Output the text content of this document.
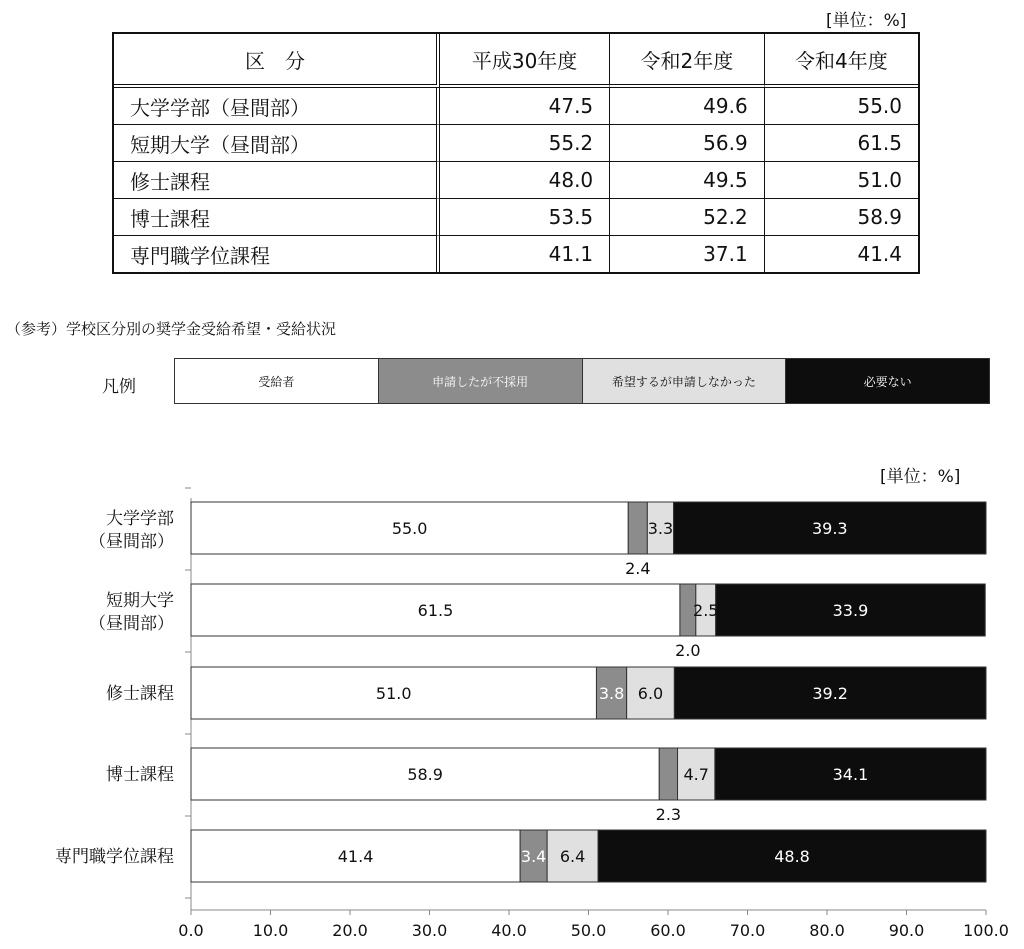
[単位：%]
区　分	平成30年度	令和2年度	令和4年度
大学学部（昼間部）	47.5	49.6	55.0
短期大学（昼間部）	55.2	56.9	61.5
修士課程	48.0	49.5	51.0
博士課程	53.5	52.2	58.9
専門職学位課程	41.1	37.1	41.4
（参考）学校区分別の奨学金受給希望・受給状況
凡例	受給者	申請したが不採用	希望するが申請しなかった	必要ない
[単位：%]
0.0	10.0	20.0	30.0	40.0	50.0	60.0	70.0	80.0	90.0 100.0
大学学部
（昼間部）
55.0
2.4
3.3	39.3
短期大学
（昼間部）
61.5
2.0
2.5	33.9
修士課程	51.0	3.8 6.0	39.2
博士課程	58.9
2.3
4.7	34.1
専門職学位課程	41.4	3.4 6.4	48.8
